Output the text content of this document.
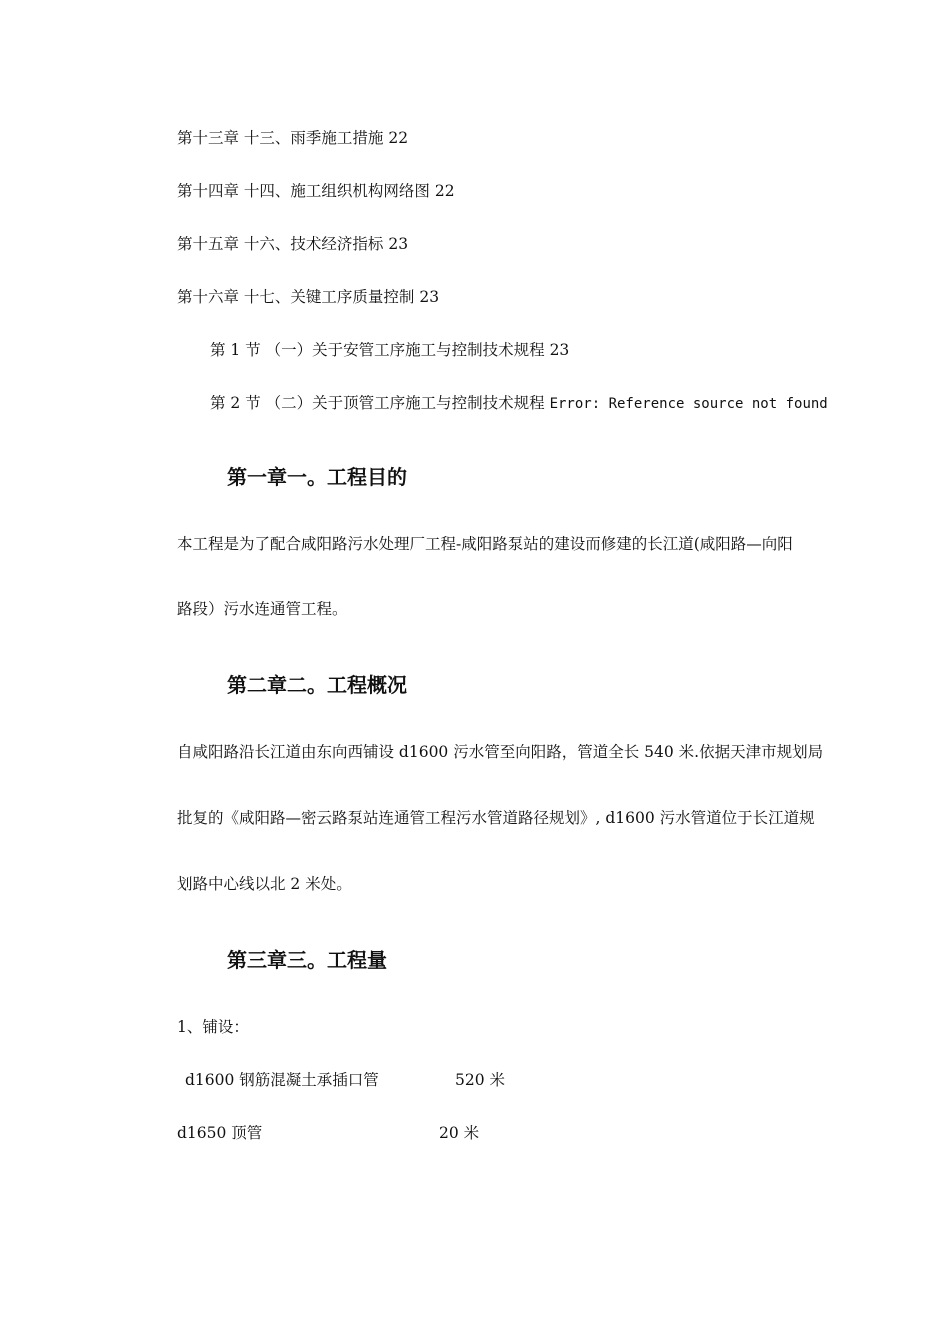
第十三章 十三、雨季施工措施 22
第十四章 十四、施工组织机构网络图 22
第十五章 十六、技术经济指标 23
第十六章 十七、关键工序质量控制 23
第 1 节 （一）关于安管工序施工与控制技术规程 23
第 2 节 （二）关于顶管工序施工与控制技术规程 Error: Reference source not found
第一章一。工程目的
本工程是为了配合咸阳路污水处理厂工程-咸阳路泵站的建设而修建的长江道(咸阳路—向阳
路段）污水连通管工程。
第二章二。工程概况
自咸阳路沿长江道由东向西铺设 d1600 污水管至向阳路，管道全长 540 米.依据天津市规划局
批复的《咸阳路—密云路泵站连通管工程污水管道路径规划》, d1600 污水管道位于长江道规
划路中心线以北 2 米处。
第三章三。工程量
1、铺设：
d1600 钢筋混凝土承插口管	520 米
d1650 顶管	20 米
